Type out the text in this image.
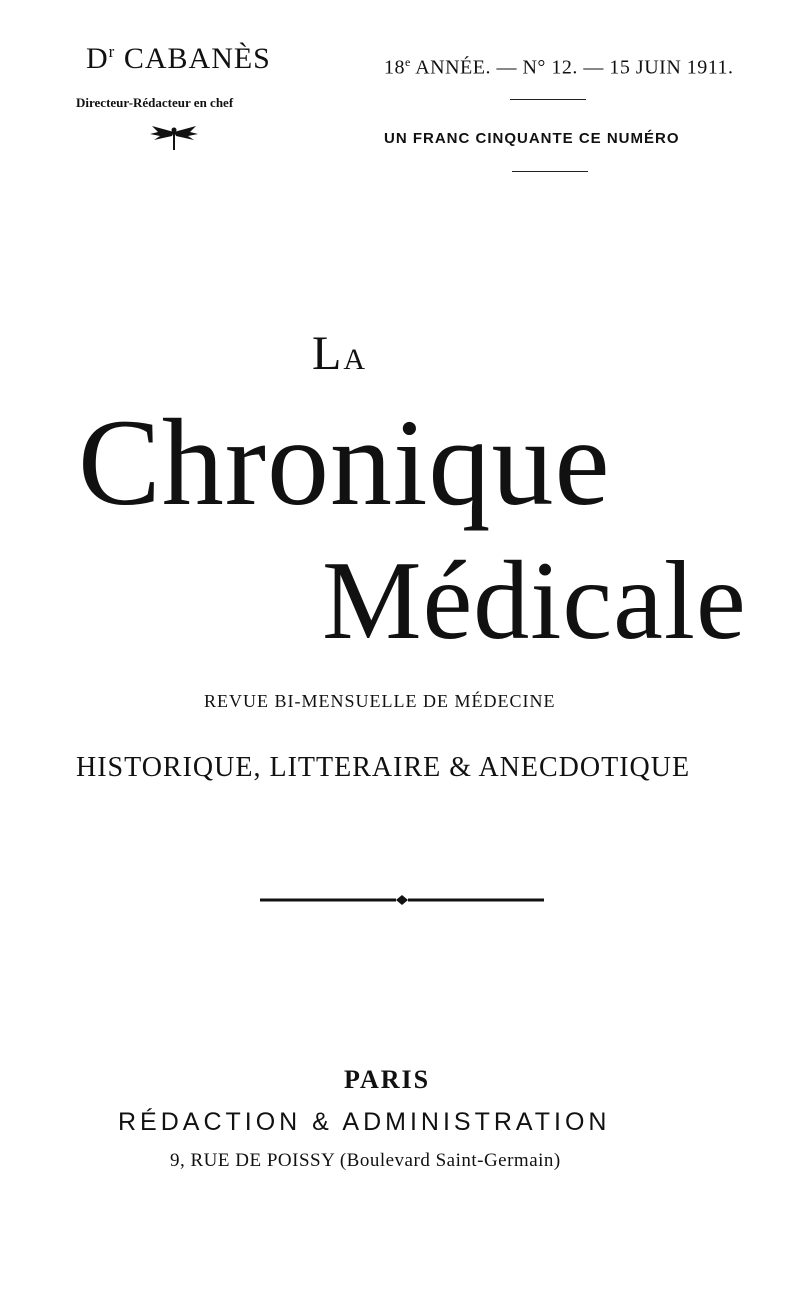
$D^r$ CABANÈS
Directeur-Rédacteur en chef
18e ANNÉE. — N° 12. — 15 JUIN 1911.
UN FRANC CINQUANTE CE NUMÉRO
LA
Chronique
Médicale
REVUE BI-MENSUELLE DE MÉDECINE
HISTORIQUE, LITTERAIRE & ANECDOTIQUE
PARIS
RÉDACTION & ADMINISTRATION
9, RUE DE POISSY (Boulevard Saint-Germain)
